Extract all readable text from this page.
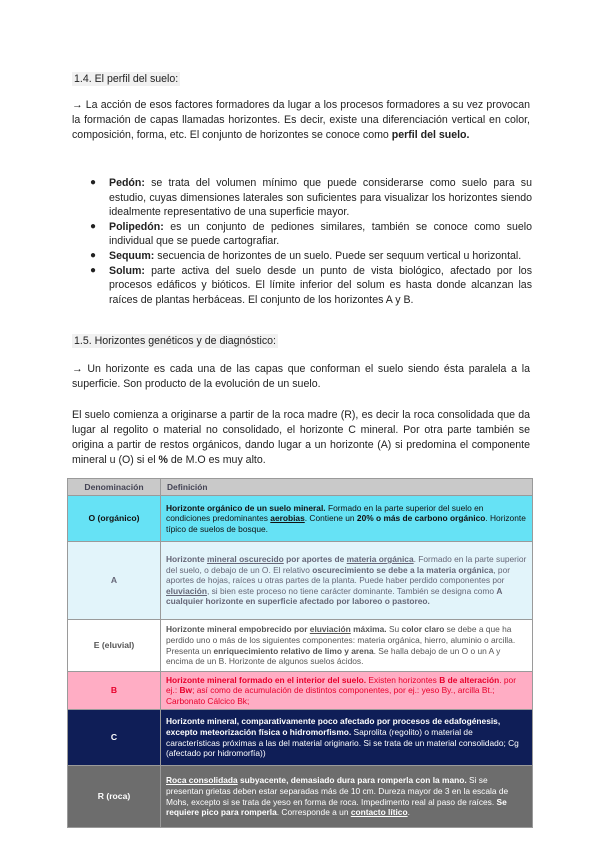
1.4. El perfil del suelo:

→ La acción de esos factores formadores da lugar a los procesos formadores a su vez provocan la formación de capas llamadas horizontes. Es decir, existe una diferenciación vertical en color, composición, forma, etc. El conjunto de horizontes se conoce como perfil del suelo.

● Pedón: se trata del volumen mínimo que puede considerarse como suelo para su estudio, cuyas dimensiones laterales son suficientes para visualizar los horizontes siendo idealmente representativo de una superficie mayor.
● Polipedón: es un conjunto de pediones similares, también se conoce como suelo individual que se puede cartografiar.
● Sequum: secuencia de horizontes de un suelo. Puede ser sequum vertical u horizontal.
● Solum: parte activa del suelo desde un punto de vista biológico, afectado por los procesos edáficos y bióticos. El límite inferior del solum es hasta donde alcanzan las raíces de plantas herbáceas. El conjunto de los horizontes A y B.
1.5. Horizontes genéticos y de diagnóstico:

→ Un horizonte es cada una de las capas que conforman el suelo siendo ésta paralela a la superficie. Son producto de la evolución de un suelo.

El suelo comienza a originarse a partir de la roca madre (R), es decir la roca consolidada que da lugar al regolito o material no consolidado, el horizonte C mineral. Por otra parte también se origina a partir de restos orgánicos, dando lugar a un horizonte (A) si predomina el componente mineral u (O) si el % de M.O es muy alto.

Denominación	Definición
O (orgánico)	Horizonte orgánico de un suelo mineral. Formado en la parte superior del suelo en condiciones predominantes aerobias. Contiene un 20% o más de carbono orgánico. Horizonte típico de suelos de bosque.
A	Horizonte mineral oscurecido por aportes de materia orgánica. Formado en la parte superior del suelo, o debajo de un O. El relativo oscurecimiento se debe a la materia orgánica, por aportes de hojas, raíces u otras partes de la planta. Puede haber perdido componentes por eluviación, si bien este proceso no tiene carácter dominante. También se designa como A cualquier horizonte en superficie afectado por laboreo o pastoreo.
E (eluvial)	Horizonte mineral empobrecido por eluviación máxima. Su color claro se debe a que ha perdido uno o más de los siguientes componentes: materia orgánica, hierro, aluminio o arcilla. Presenta un enriquecimiento relativo de limo y arena. Se halla debajo de un O o un A y encima de un B. Horizonte de algunos suelos ácidos.
B	Horizonte mineral formado en el interior del suelo. Existen horizontes B de alteración. por ej.: Bw; así como de acumulación de distintos componentes, por ej.: yeso By., arcilla Bt.; Carbonato Cálcico Bk;
C	Horizonte mineral, comparativamente poco afectado por procesos de edafogénesis, excepto meteorización física o hidromorfismo. Saprolita (regolito) o material de características próximas a las del material originario. Si se trata de un material consolidado; Cg (afectado por hidromorfía))
R (roca)	Roca consolidada subyacente, demasiado dura para romperla con la mano. Si se presentan grietas deben estar separadas más de 10 cm. Dureza mayor de 3 en la escala de Mohs, excepto si se trata de yeso en forma de roca. Impedimento real al paso de raíces. Se requiere pico para romperla. Corresponde a un contacto lítico.
